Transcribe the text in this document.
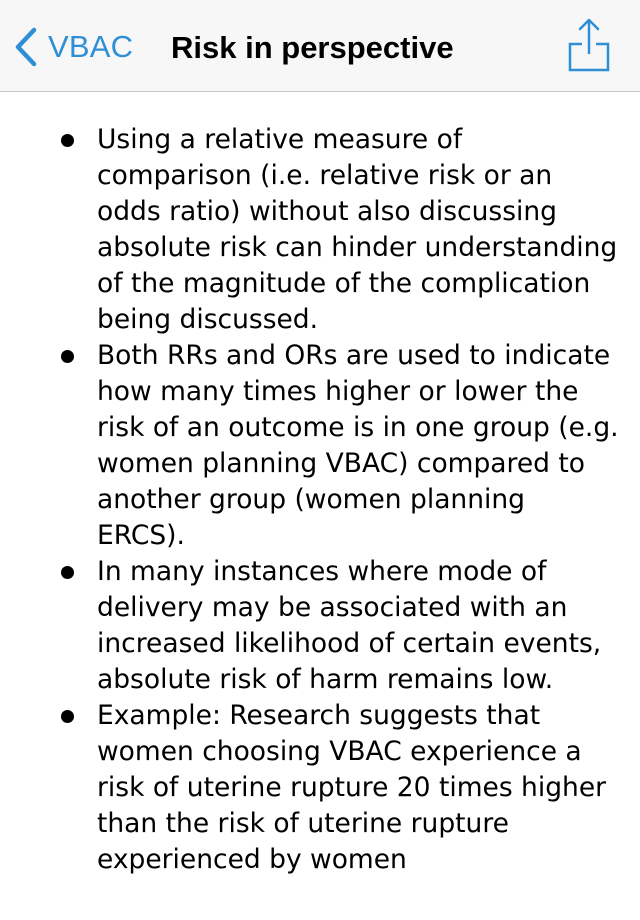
VBAC Risk in perspective
Using a relative measure of comparison (i.e. relative risk or an odds ratio) without also discussing absolute risk can hinder understanding of the magnitude of the complication being discussed.
Both RRs and ORs are used to indicate how many times higher or lower the risk of an outcome is in one group (e.g. women planning VBAC) compared to another group (women planning ERCS).
In many instances where mode of delivery may be associated with an increased likelihood of certain events, absolute risk of harm remains low.
Example: Research suggests that women choosing VBAC experience a risk of uterine rupture 20 times higher than the risk of uterine rupture experienced by women
